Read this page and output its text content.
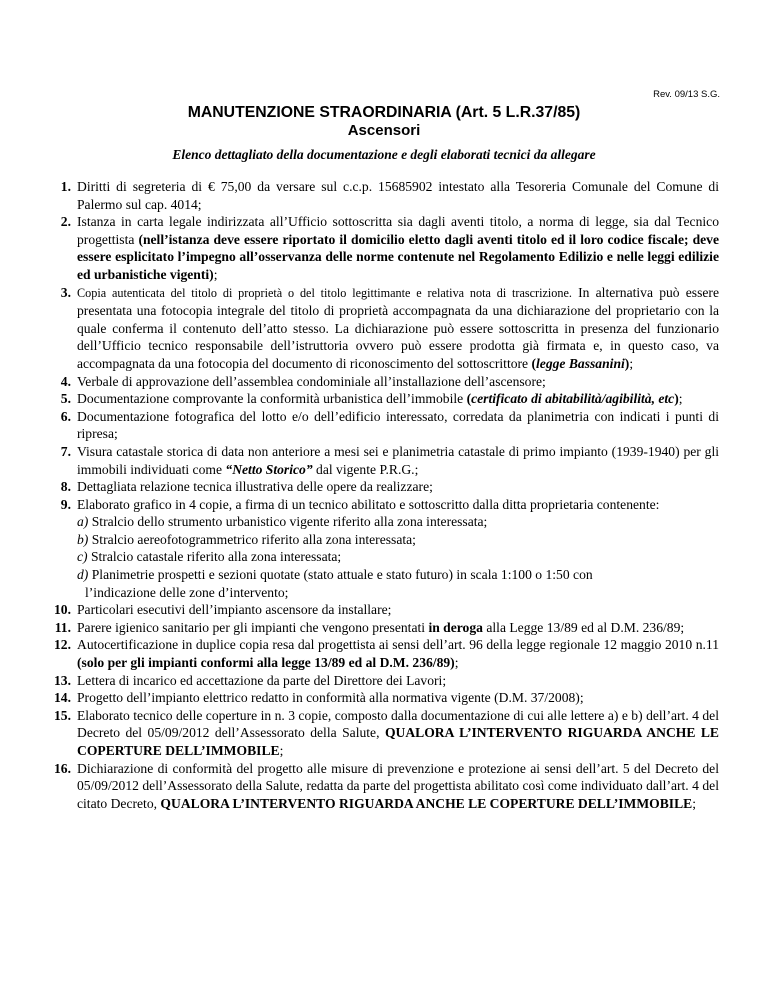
Rev. 09/13 S.G.
MANUTENZIONE STRAORDINARIA (Art. 5 L.R.37/85)
Ascensori
Elenco dettagliato della documentazione e degli elaborati tecnici da allegare
1. Diritti di segreteria di € 75,00 da versare sul c.c.p. 15685902 intestato alla Tesoreria Comunale del Comune di Palermo sul cap. 4014;
2. Istanza in carta legale indirizzata all’Ufficio sottoscritta sia dagli aventi titolo, a norma di legge, sia dal Tecnico progettista (nell’istanza deve essere riportato il domicilio eletto dagli aventi titolo ed il loro codice fiscale; deve essere esplicitato l’impegno all’osservanza delle norme contenute nel Regolamento Edilizio e nelle leggi edilizie ed urbanistiche vigenti);
3. Copia autenticata del titolo di proprietà o del titolo legittimante e relativa nota di trascrizione. In alternativa può essere presentata una fotocopia integrale del titolo di proprietà accompagnata da una dichiarazione del proprietario con la quale conferma il contenuto dell’atto stesso. La dichiarazione può essere sottoscritta in presenza del funzionario dell’Ufficio tecnico responsabile dell’istruttoria ovvero può essere prodotta già firmata e, in questo caso, va accompagnata da una fotocopia del documento di riconoscimento del sottoscrittore (legge Bassanini);
4. Verbale di approvazione dell’assemblea condominiale all’installazione dell’ascensore;
5. Documentazione comprovante la conformità urbanistica dell’immobile (certificato di abitabilità/agibilità, etc);
6. Documentazione fotografica del lotto e/o dell’edificio interessato, corredata da planimetria con indicati i punti di ripresa;
7. Visura catastale storica di data non anteriore a mesi sei e planimetria catastale di primo impianto (1939-1940) per gli immobili individuati come “Netto Storico” dal vigente P.R.G.;
8. Dettagliata relazione tecnica illustrativa delle opere da realizzare;
9. Elaborato grafico in 4 copie, a firma di un tecnico abilitato e sottoscritto dalla ditta proprietaria contenente:
a) Stralcio dello strumento urbanistico vigente riferito alla zona interessata;
b) Stralcio aereofotogrammetrico riferito alla zona interessata;
c) Stralcio catastale riferito alla zona interessata;
d) Planimetrie prospetti e sezioni quotate (stato attuale e stato futuro) in scala 1:100 o 1:50 con
l’indicazione delle zone d’intervento;
10. Particolari esecutivi dell’impianto ascensore da installare;
11. Parere igienico sanitario per gli impianti che vengono presentati in deroga alla Legge 13/89 ed al D.M. 236/89;
12. Autocertificazione in duplice copia resa dal progettista ai sensi dell’art. 96 della legge regionale 12 maggio 2010 n.11 (solo per gli impianti conformi alla legge 13/89 ed al D.M. 236/89);
13. Lettera di incarico ed accettazione da parte del Direttore dei Lavori;
14. Progetto dell’impianto elettrico redatto in conformità alla normativa vigente (D.M. 37/2008);
15. Elaborato tecnico delle coperture in n. 3 copie, composto dalla documentazione di cui alle lettere a) e b) dell’art. 4 del Decreto del 05/09/2012 dell’Assessorato della Salute, QUALORA L’INTERVENTO RIGUARDA ANCHE LE COPERTURE DELL’IMMOBILE;
16. Dichiarazione di conformità del progetto alle misure di prevenzione e protezione ai sensi dell’art. 5 del Decreto del 05/09/2012 dell’Assessorato della Salute, redatta da parte del progettista abilitato così come individuato dall’art. 4 del citato Decreto, QUALORA L’INTERVENTO RIGUARDA ANCHE LE COPERTURE DELL’IMMOBILE;
